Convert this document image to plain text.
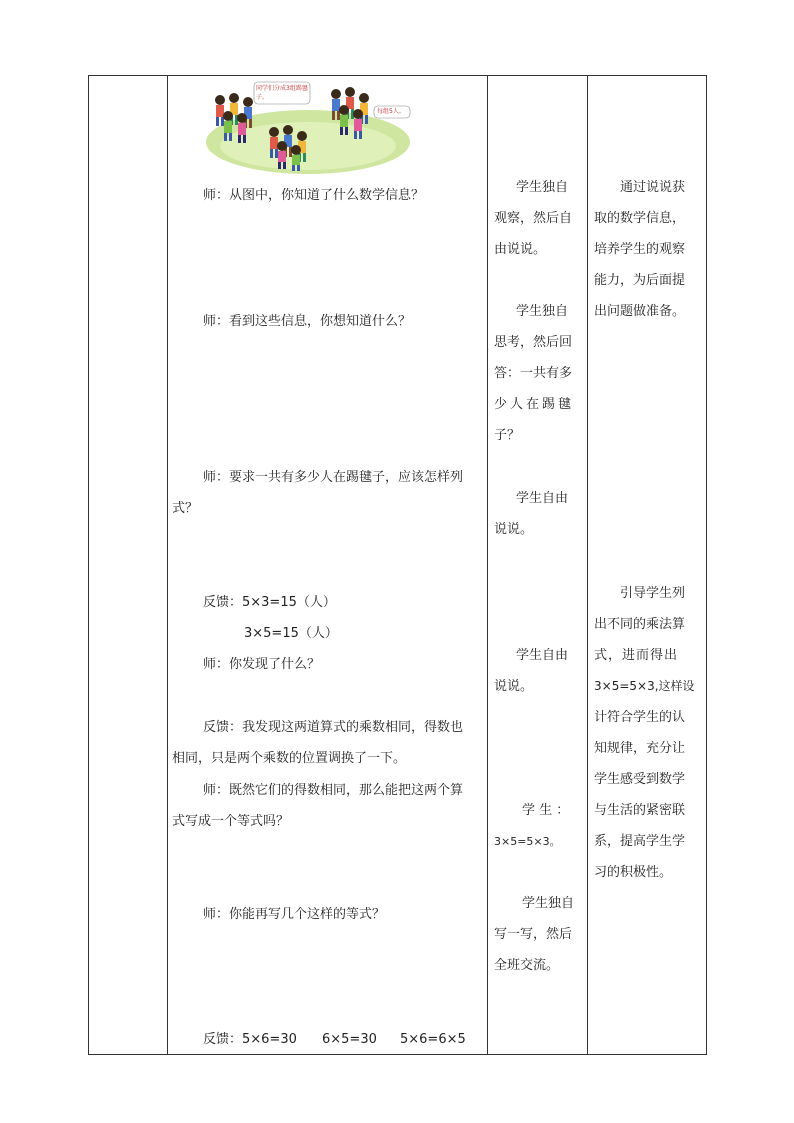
同学们分成3组踢毽子。
每组5人。
师：从图中，你知道了什么数学信息？
师：看到这些信息，你想知道什么？
师：要求一共有多少人在踢毽子，应该怎样列
式？
反馈：5×3=15（人）
3×5=15（人）
师：你发现了什么？
反馈：我发现这两道算式的乘数相同，得数也
相同，只是两个乘数的位置调换了一下。
师：既然它们的得数相同，那么能把这两个算
式写成一个等式吗？
师：你能再写几个这样的等式？
反馈：5×6=30 6×5=30 5×6=6×5
学生独自
观察，然后自
由说说。
学生独自
思考，然后回
答：一共有多
少人在踢毽
子？
学生自由
说说。
学生自由
说说。
学 生 ：
3×5=5×3。
学生独自
写一写，然后
全班交流。
通过说说获
取的数学信息，
培养学生的观察
能力，为后面提
出问题做准备。
引导学生列
出不同的乘法算
式，进而得出
3×5=5×3,这样设
计符合学生的认
知规律，充分让
学生感受到数学
与生活的紧密联
系，提高学生学
习的积极性。
